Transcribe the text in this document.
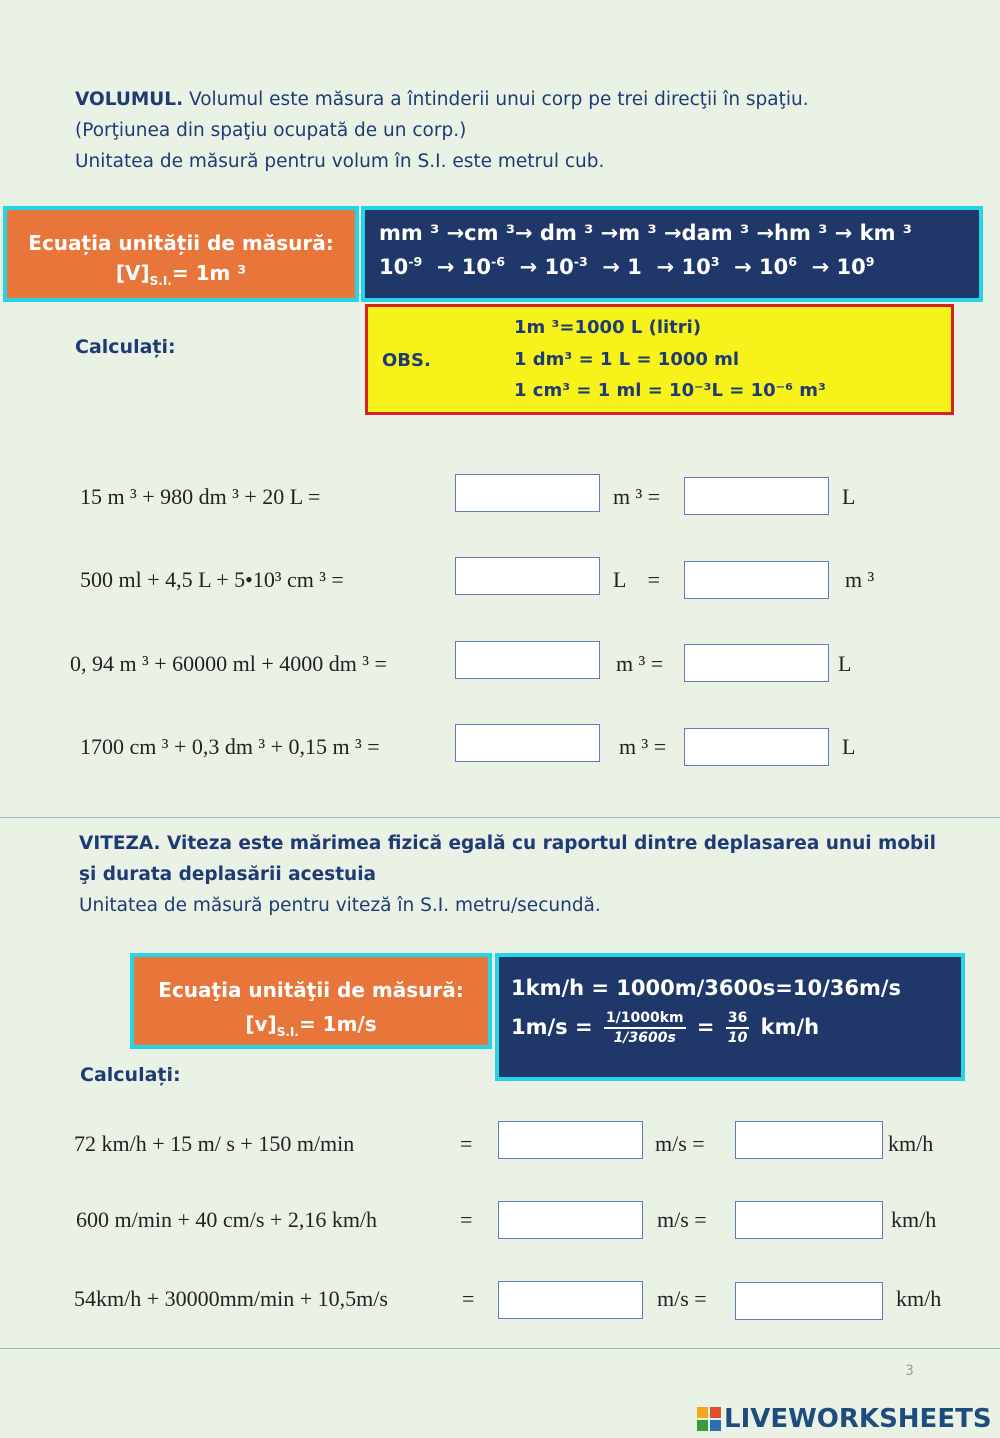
VOLUMUL. Volumul este măsura a întinderii unui corp pe trei direcţii în spaţiu.
(Porţiunea din spaţiu ocupată de un corp.)
Unitatea de măsură pentru volum în S.I. este metrul cub.
Ecuația unității de măsură:
$[V]_{S.I.}= 1m$ ³
mm ³ →cm ³→ dm ³ →m ³ →dam ³ →hm ³ → km ³
$10^{-9} \to 10^{-6} \to 10^{-3} \to 1 \to 10^3 \to 10^6 \to 10^9$
Calculați:
OBS.
1m ³=1000 L (litri)
1 dm³ = 1 L = 1000 ml
1 cm³ = 1 ml = 10⁻³L = 10⁻⁶ m³
15 m ³ + 980 dm ³ + 20 L =	m ³ =	L
500 ml + 4,5 L + 5•10³ cm ³ =	L    =	m ³
0, 94 m ³ + 60000 ml + 4000 dm ³ =	m ³ =	L
1700 cm ³ + 0,3 dm ³ + 0,15 m ³ =	m ³ =	L
VITEZA. Viteza este mărimea fizică egală cu raportul dintre deplasarea unui mobil
şi durata deplasării acestuia
Unitatea de măsură pentru viteză în S.I. metru/secundă.
Ecuaţia unităţii de măsură:
$[v]_{S.I.}= 1m/s$
1km/h = 1000m/3600s=10/36m/s
$1m/s = \frac{1/1000km}{1/3600s} = \frac{36}{10} km/h$
Calculați:
72 km/h + 15 m/ s + 150 m/min	=	m/s =	km/h
600 m/min + 40 cm/s + 2,16 km/h	=	m/s =	km/h
54km/h + 30000mm/min + 10,5m/s	=	m/s =	km/h
3
LIVEWORKSHEETS
